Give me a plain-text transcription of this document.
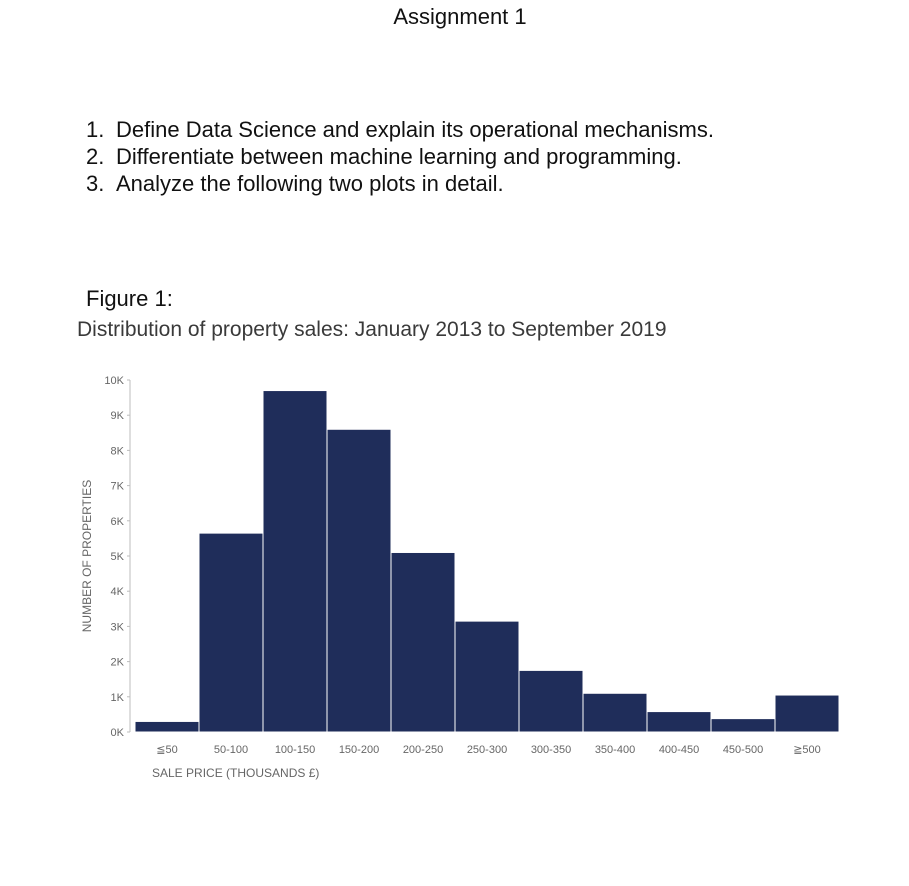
Assignment 1
1. Define Data Science and explain its operational mechanisms.
2. Differentiate between machine learning and programming.
3. Analyze the following two plots in detail.
Figure 1:
Distribution of property sales: January 2013 to September 2019
0K
1K
2K
3K
4K
5K
6K
7K
8K
9K
10K
≦50	50-100 100-150 150-200 200-250 250-300 300-350 350-400 400-450 450-500	≧500
NUMBER OF PROPERTIES
SALE PRICE (THOUSANDS £)
